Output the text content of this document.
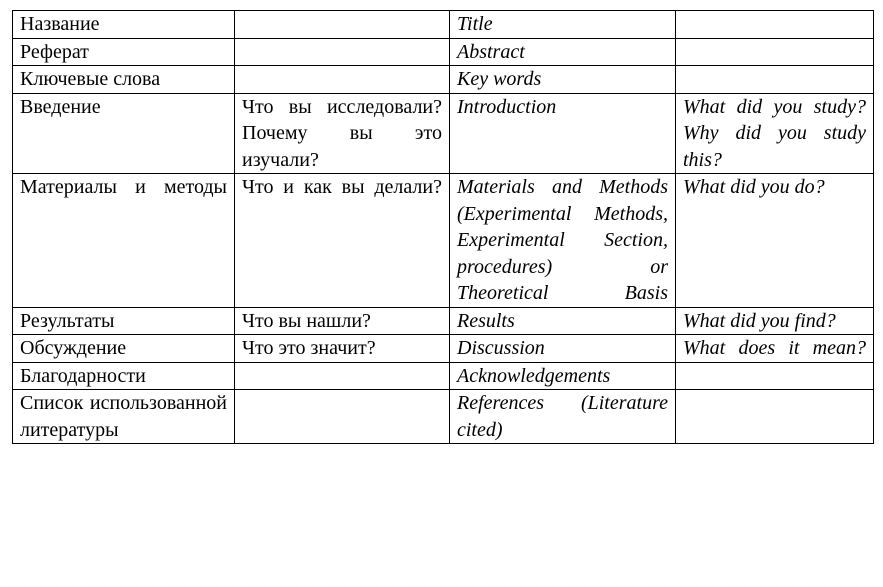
Название		Title	

Реферат		Abstract	

Ключевые слова		Key words	

Введение	Что вы исследовали? Почему вы это изучали?	Introduction	What did you study? Why did you study this?

Материалы и методы	Что и как вы делали?	Materials and Methods (Experimental Methods, Experimental Section, procedures) or Theoretical Basis	What did you do?

Результаты	Что вы нашли?	Results	What did you find?

Обсуждение	Что это значит?	Discussion	What does it mean?

Благодарности		Acknowledgements	

Список использованной литературы		References (Literature cited)	
